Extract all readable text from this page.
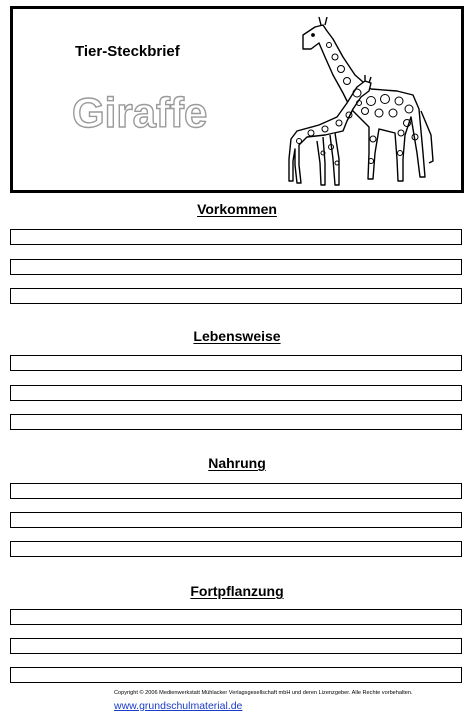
Tier-Steckbrief
Giraffe
Vorkommen
Lebensweise
Nahrung
Fortpflanzung
Copyright © 2006 Medienwerkstatt Mühlacker Verlagsgesellschaft mbH und deren Lizenzgeber. Alle Rechte vorbehalten.
www.grundschulmaterial.de
